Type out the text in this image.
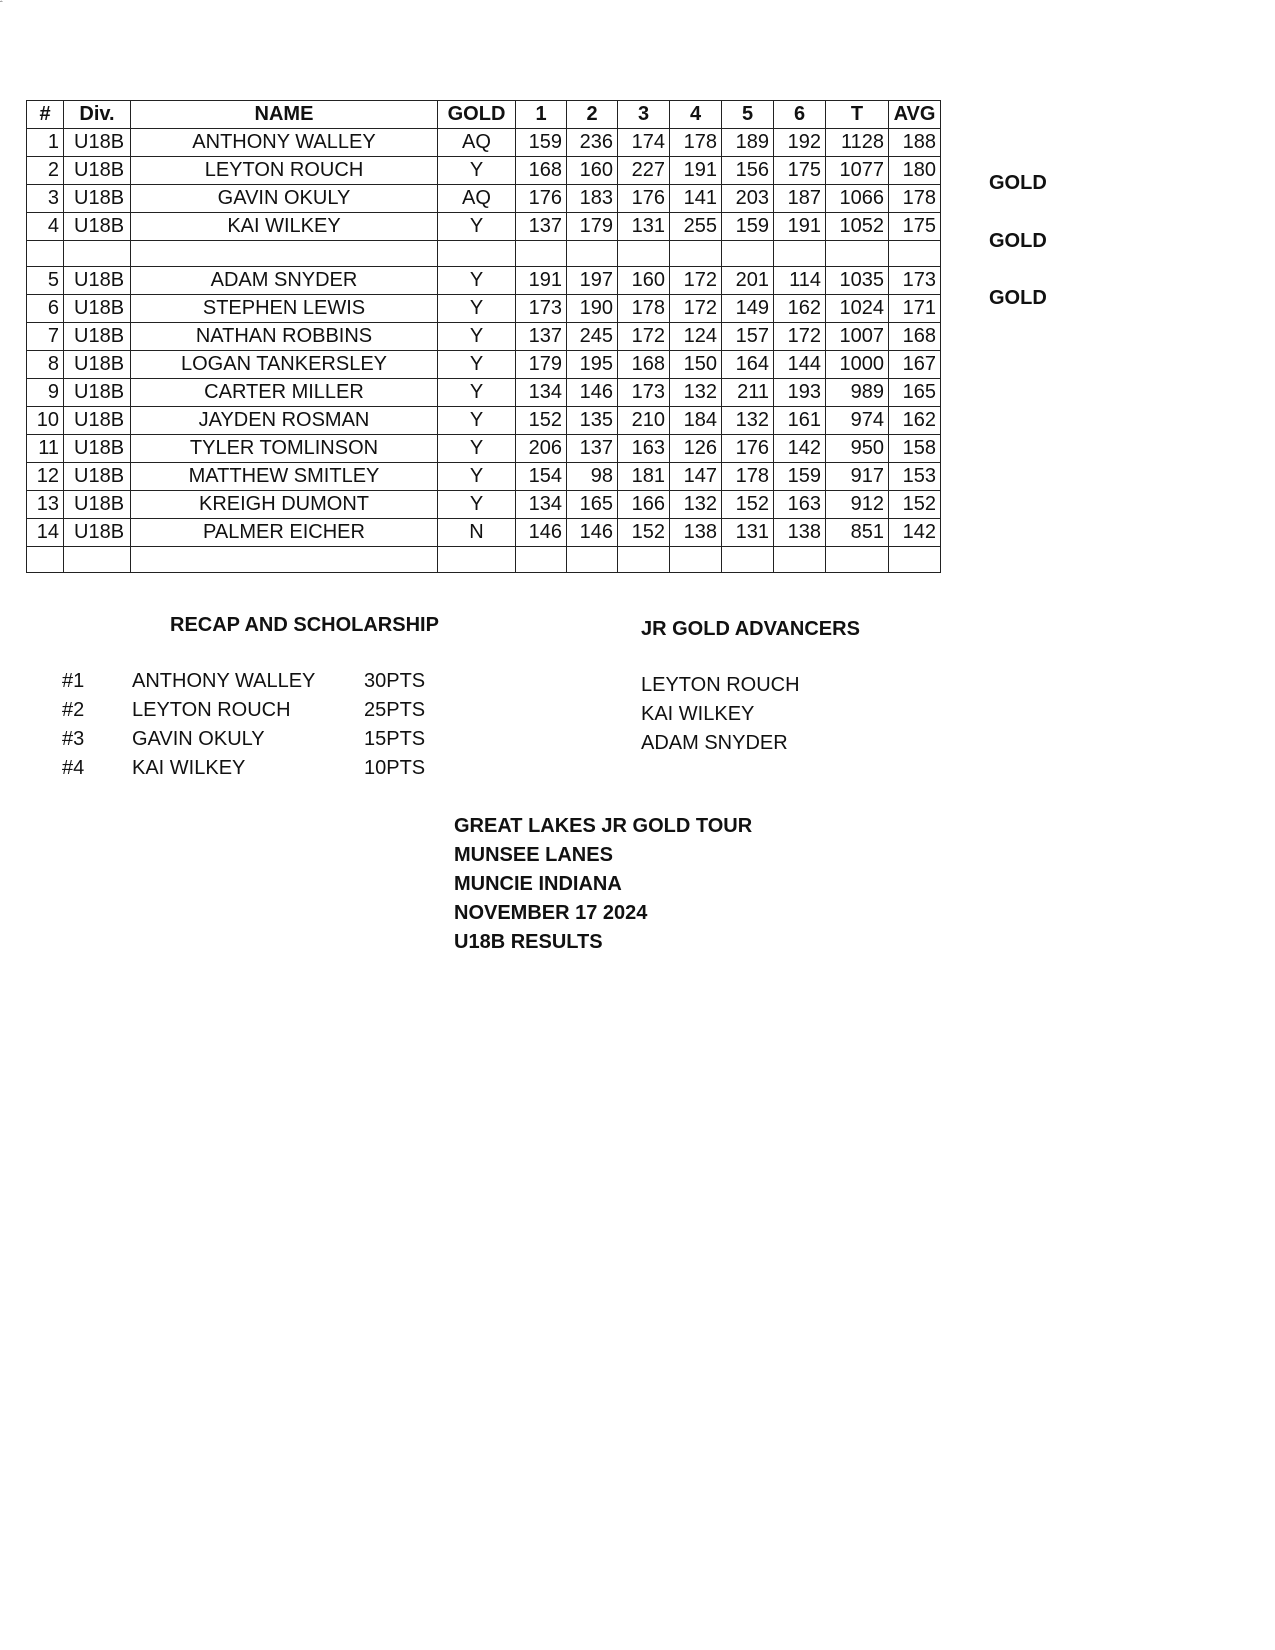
ˆ
#	Div.	NAME	GOLD	1	2	3	4	5	6	T	AVG
1	U18B	ANTHONY WALLEY	AQ	159	236	174	178	189	192	1128	188
2	U18B	LEYTON ROUCH	Y	168	160	227	191	156	175	1077	180
3	U18B	GAVIN OKULY	AQ	176	183	176	141	203	187	1066	178
4	U18B	KAI WILKEY	Y	137	179	131	255	159	191	1052	175

5	U18B	ADAM SNYDER	Y	191	197	160	172	201	114	1035	173
6	U18B	STEPHEN LEWIS	Y	173	190	178	172	149	162	1024	171
7	U18B	NATHAN ROBBINS	Y	137	245	172	124	157	172	1007	168
8	U18B	LOGAN TANKERSLEY	Y	179	195	168	150	164	144	1000	167
9	U18B	CARTER MILLER	Y	134	146	173	132	211	193	989	165
10	U18B	JAYDEN ROSMAN	Y	152	135	210	184	132	161	974	162
11	U18B	TYLER TOMLINSON	Y	206	137	163	126	176	142	950	158
12	U18B	MATTHEW SMITLEY	Y	154	98	181	147	178	159	917	153
13	U18B	KREIGH DUMONT	Y	134	165	166	132	152	163	912	152
14	U18B	PALMER EICHER	N	146	146	152	138	131	138	851	142

GOLD
GOLD
GOLD
RECAP AND SCHOLARSHIP
#1 ANTHONY WALLEY 30PTS
#2 LEYTON ROUCH	25PTS
#3 GAVIN OKULY	15PTS
#4 KAI WILKEY	10PTS
JR GOLD ADVANCERS
LEYTON ROUCH
KAI WILKEY
ADAM SNYDER
GREAT LAKES JR GOLD TOUR
MUNSEE LANES
MUNCIE INDIANA
NOVEMBER 17 2024
U18B RESULTS
